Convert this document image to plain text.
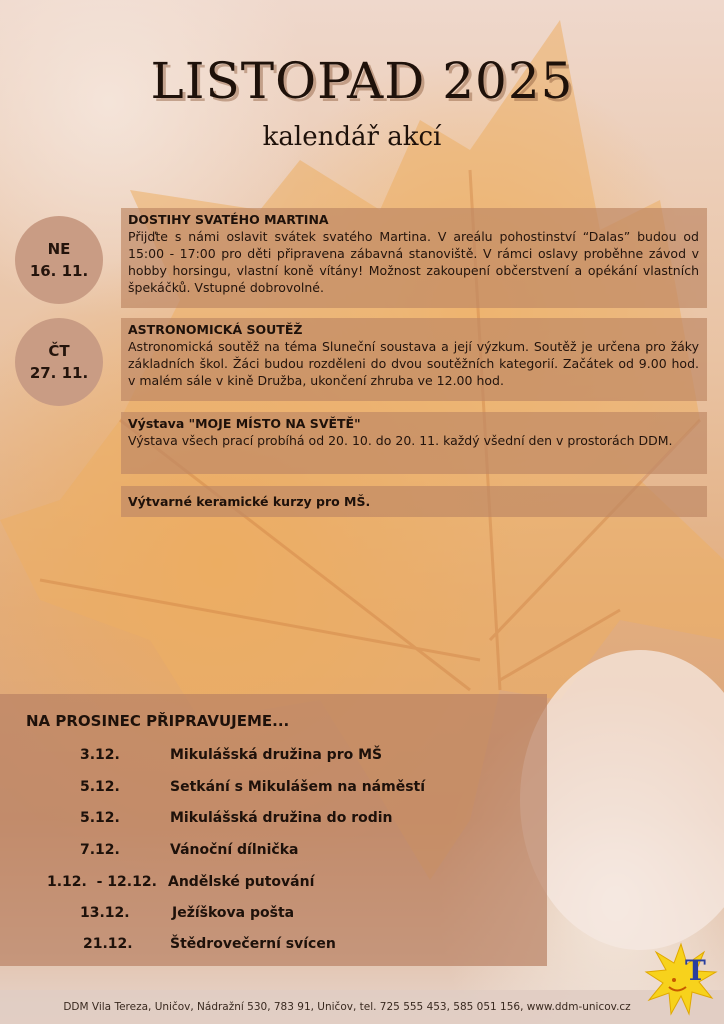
LISTOPAD 2025
kalendář akcí
NE
16. 11.
DOSTIHY SVATÉHO MARTINA

Přijďte s námi oslavit svátek svatého Martina. V areálu pohostinství “Dalas” budou od 15:00 - 17:00 pro děti připravena zábavná stanoviště. V rámci oslavy proběhne závod v hobby horsingu, vlastní koně vítány! Možnost zakoupení občerstvení a opékání vlastních špekáčků. Vstupné dobrovolné.

ČT
27. 11.
ASTRONOMICKÁ SOUTĚŽ

Astronomická soutěž na téma Sluneční soustava a její výzkum. Soutěž je určena pro žáky základních škol. Žáci budou rozděleni do dvou soutěžních kategorií. Začátek od 9.00 hod. v malém sále v kině Družba, ukončení zhruba ve 12.00 hod.

Výstava "MOJE MÍSTO NA SVĚTĚ"

Výstava všech prací probíhá od 20. 10. do 20. 11. každý všední den v prostorách DDM.

Výtvarné keramické kurzy pro MŠ.
NA PROSINEC PŘIPRAVUJEME...
3.12.	Mikulášská družina pro MŠ
5.12.	Setkání s Mikulášem na náměstí
5.12.	Mikulášská družina do rodin
7.12.	Vánoční dílnička
1.12.  - 12.12. Andělské putování
13.12.	Ježíškova pošta
21.12.	Štědrovečerní svícen
DDM Vila Tereza, Uničov, Nádražní 530, 783 91, Uničov, tel. 725 555 453, 585 051 156, www.ddm-unicov.cz
T
